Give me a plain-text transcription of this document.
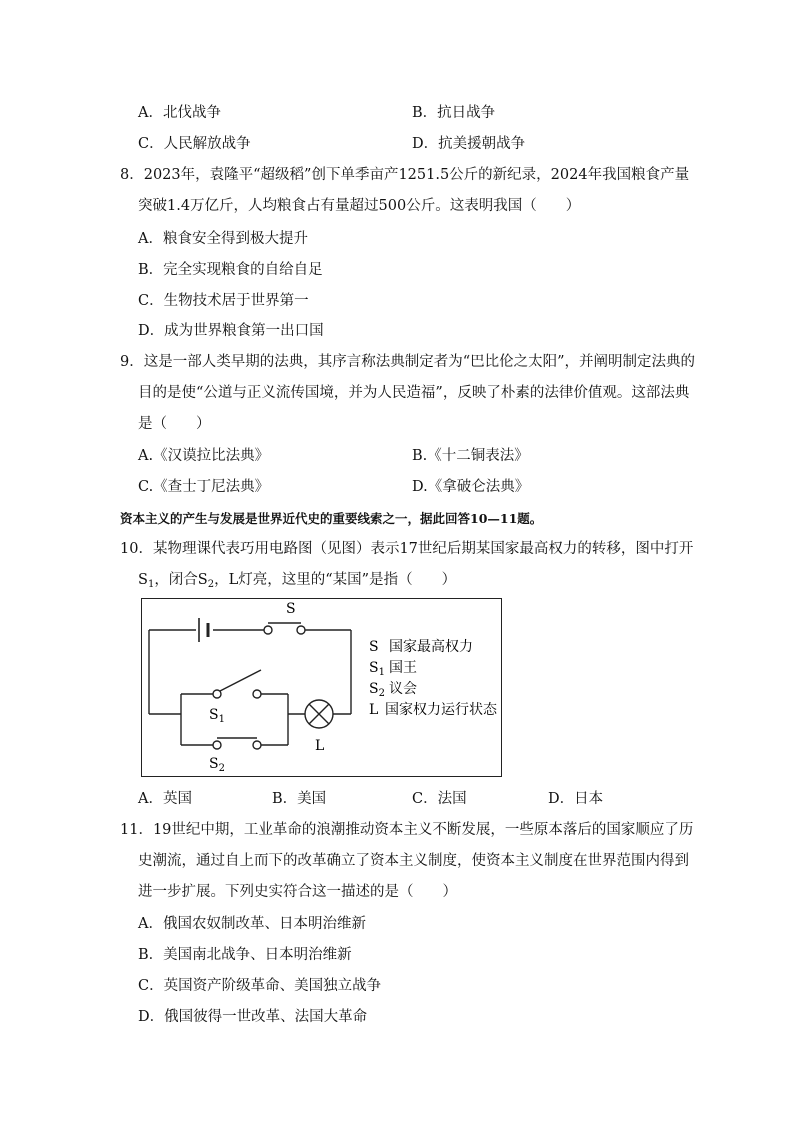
A．北伐战争	B．抗日战争
C．人民解放战争	D．抗美援朝战争
8．2023年，袁隆平“超级稻”创下单季亩产1251.5公斤的新纪录，2024年我国粮食产量
突破1.4万亿斤，人均粮食占有量超过500公斤。这表明我国（　　）
A．粮食安全得到极大提升
B．完全实现粮食的自给自足
C．生物技术居于世界第一
D．成为世界粮食第一出口国
9．这是一部人类早期的法典，其序言称法典制定者为“巴比伦之太阳”，并阐明制定法典的
目的是使“公道与正义流传国境，并为人民造福”，反映了朴素的法律价值观。这部法典
是（　　）
A.《汉谟拉比法典》	B.《十二铜表法》
C.《查士丁尼法典》	D.《拿破仑法典》
资本主义的产生与发展是世界近代史的重要线索之一，据此回答10—11题。
10．某物理课代表巧用电路图（见图）表示17世纪后期某国家最高权力的转移，图中打开
$S_1$，闭合$S_2$，L灯亮，这里的“某国”是指（　　）
S
$S_1$
$S_2$
L
S 国家最高权力
$S_1$ 国王
$S_2$ 议会
L 国家权力运行状态
A．英国	B．美国	C．法国	D．日本
11．19世纪中期，工业革命的浪潮推动资本主义不断发展，一些原本落后的国家顺应了历
史潮流，通过自上而下的改革确立了资本主义制度，使资本主义制度在世界范围内得到
进一步扩展。下列史实符合这一描述的是（　　）
A．俄国农奴制改革、日本明治维新
B．美国南北战争、日本明治维新
C．英国资产阶级革命、美国独立战争
D．俄国彼得一世改革、法国大革命
